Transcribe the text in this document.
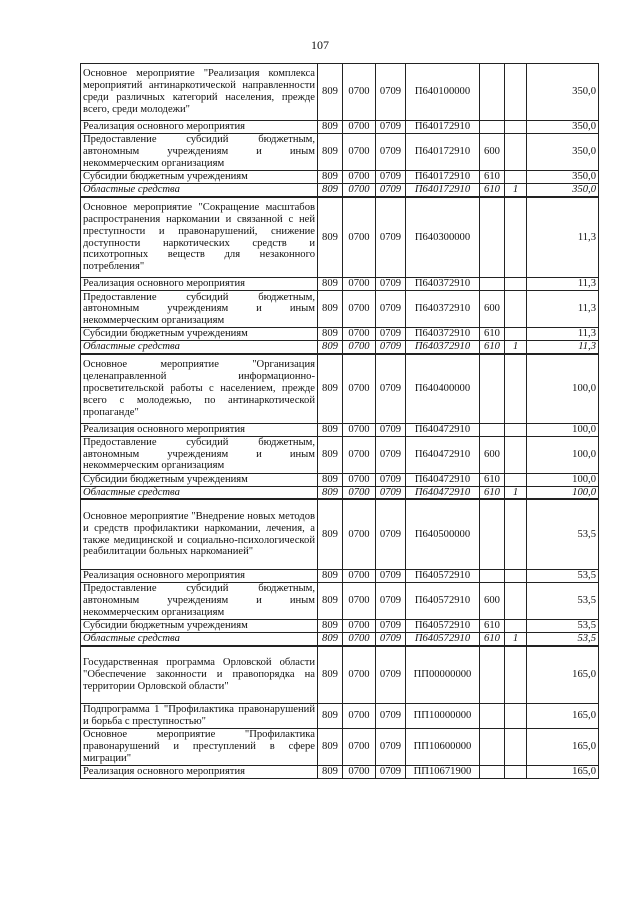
107
Основное мероприятие "Реализация комплекса мероприятий антинаркотической направленности среди различных категорий населения, прежде всего, среди молодежи"	809	0700	0709	П640100000			350,0
Реализация основного мероприятия	809	0700	0709	П640172910			350,0
Предоставление субсидий бюджетным, автономным учреждениям и иным некоммерческим организациям	809	0700	0709	П640172910	600		350,0
Субсидии бюджетным учреждениям	809	0700	0709	П640172910	610		350,0
Областные средства	809	0700	0709	П640172910	610	1	350,0
Основное мероприятие "Сокращение масштабов распространения наркомании и связанной с ней преступности и правонарушений, снижение доступности наркотических средств и психотропных веществ для незаконного потребления"	809	0700	0709	П640300000			11,3
Реализация основного мероприятия	809	0700	0709	П640372910			11,3
Предоставление субсидий бюджетным, автономным учреждениям и иным некоммерческим организациям	809	0700	0709	П640372910	600		11,3
Субсидии бюджетным учреждениям	809	0700	0709	П640372910	610		11,3
Областные средства	809	0700	0709	П640372910	610	1	11,3
Основное мероприятие "Организация целенаправленной информационно-просветительской работы с населением, прежде всего с молодежью, по антинаркотической пропаганде"	809	0700	0709	П640400000			100,0
Реализация основного мероприятия	809	0700	0709	П640472910			100,0
Предоставление субсидий бюджетным, автономным учреждениям и иным некоммерческим организациям	809	0700	0709	П640472910	600		100,0
Субсидии бюджетным учреждениям	809	0700	0709	П640472910	610		100,0
Областные средства	809	0700	0709	П640472910	610	1	100,0
Основное мероприятие "Внедрение новых методов и средств профилактики наркомании, лечения, а также медицинской и социально-психологической реабилитации больных наркоманией"	809	0700	0709	П640500000			53,5
Реализация основного мероприятия	809	0700	0709	П640572910			53,5
Предоставление субсидий бюджетным, автономным учреждениям и иным некоммерческим организациям	809	0700	0709	П640572910	600		53,5
Субсидии бюджетным учреждениям	809	0700	0709	П640572910	610		53,5
Областные средства	809	0700	0709	П640572910	610	1	53,5
Государственная программа Орловской области "Обеспечение законности и правопорядка на территории Орловской области"	809	0700	0709	ПП00000000			165,0
Подпрограмма 1 "Профилактика правонарушений и борьба с преступностью"	809	0700	0709	ПП10000000			165,0
Основное мероприятие "Профилактика правонарушений и преступлений в сфере миграции"	809	0700	0709	ПП10600000			165,0
Реализация основного мероприятия	809	0700	0709	ПП10671900			165,0
